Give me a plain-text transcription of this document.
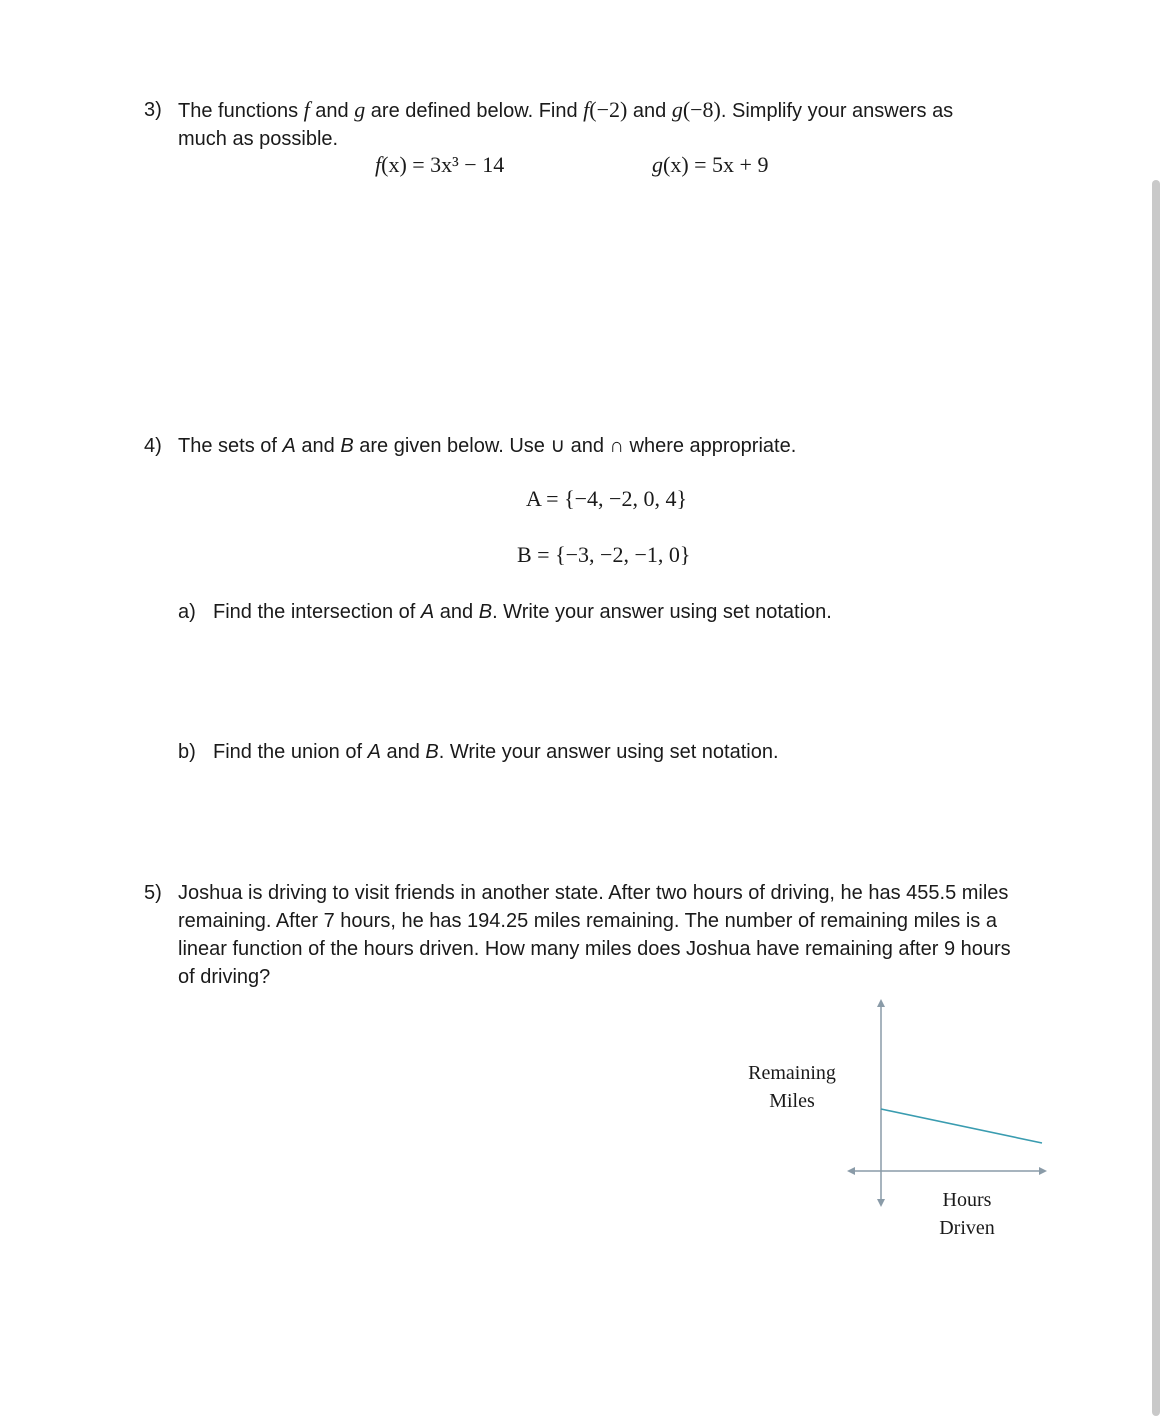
3) The functions f and g are defined below. Find f(−2) and g(−8). Simplify your answers as
much as possible.
f(x) = 3x³ − 14	g(x) = 5x + 9
4) The sets of A and B are given below. Use ∪ and ∩ where appropriate.
A = {−4, −2, 0, 4}
B = {−3, −2, −1, 0}
a) Find the intersection of A and B. Write your answer using set notation.
b) Find the union of A and B. Write your answer using set notation.
5) Joshua is driving to visit friends in another state. After two hours of driving, he has 455.5 miles
remaining. After 7 hours, he has 194.25 miles remaining. The number of remaining miles is a
linear function of the hours driven. How many miles does Joshua have remaining after 9 hours
of driving?
Remaining
Miles
Hours
Driven
